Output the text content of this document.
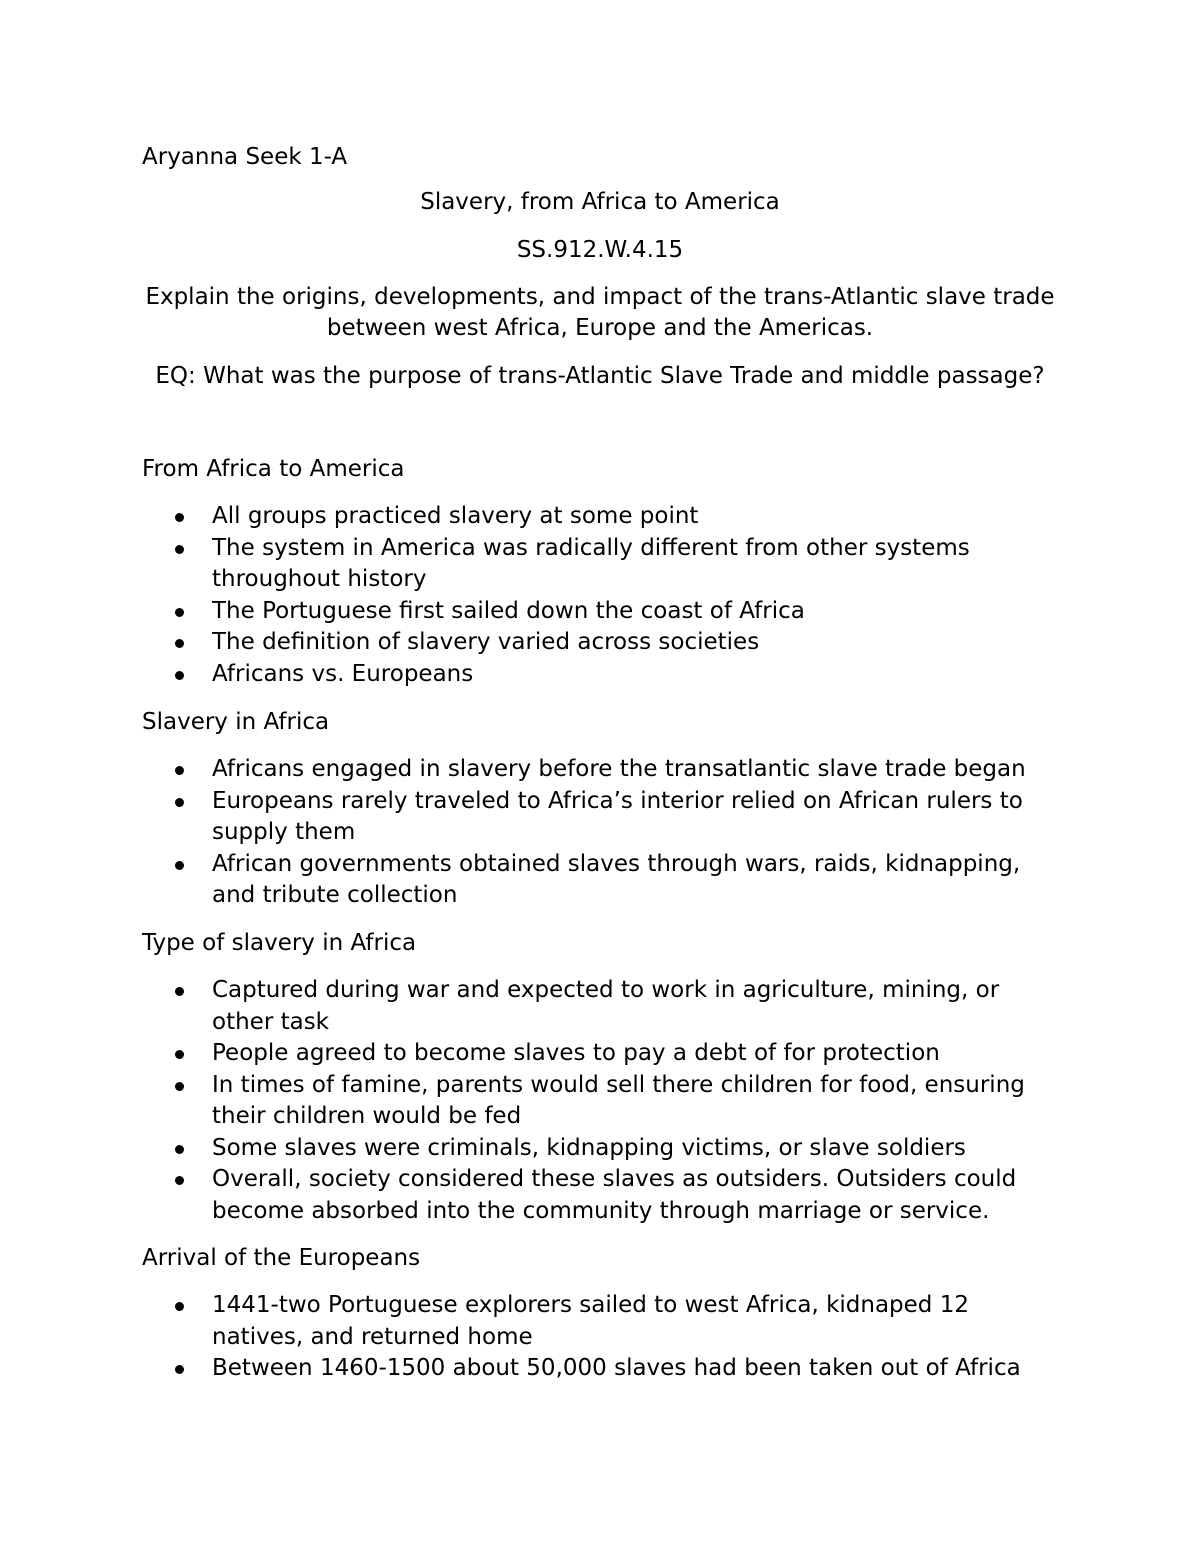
Aryanna Seek 1-A
Slavery, from Africa to America
SS.912.W.4.15
Explain the origins, developments, and impact of the trans-Atlantic slave trade between west Africa, Europe and the Americas.
EQ: What was the purpose of trans-Atlantic Slave Trade and middle passage?
From Africa to America
All groups practiced slavery at some point
The system in America was radically different from other systems throughout history
The Portuguese first sailed down the coast of Africa
The definition of slavery varied across societies
Africans vs. Europeans
Slavery in Africa
Africans engaged in slavery before the transatlantic slave trade began
Europeans rarely traveled to Africa’s interior relied on African rulers to supply them
African governments obtained slaves through wars, raids, kidnapping, and tribute collection
Type of slavery in Africa
Captured during war and expected to work in agriculture, mining, or other task
People agreed to become slaves to pay a debt of for protection
In times of famine, parents would sell there children for food, ensuring their children would be fed
Some slaves were criminals, kidnapping victims, or slave soldiers
Overall, society considered these slaves as outsiders. Outsiders could become absorbed into the community through marriage or service.
Arrival of the Europeans
1441-two Portuguese explorers sailed to west Africa, kidnaped 12 natives, and returned home
Between 1460-1500 about 50,000 slaves had been taken out of Africa
